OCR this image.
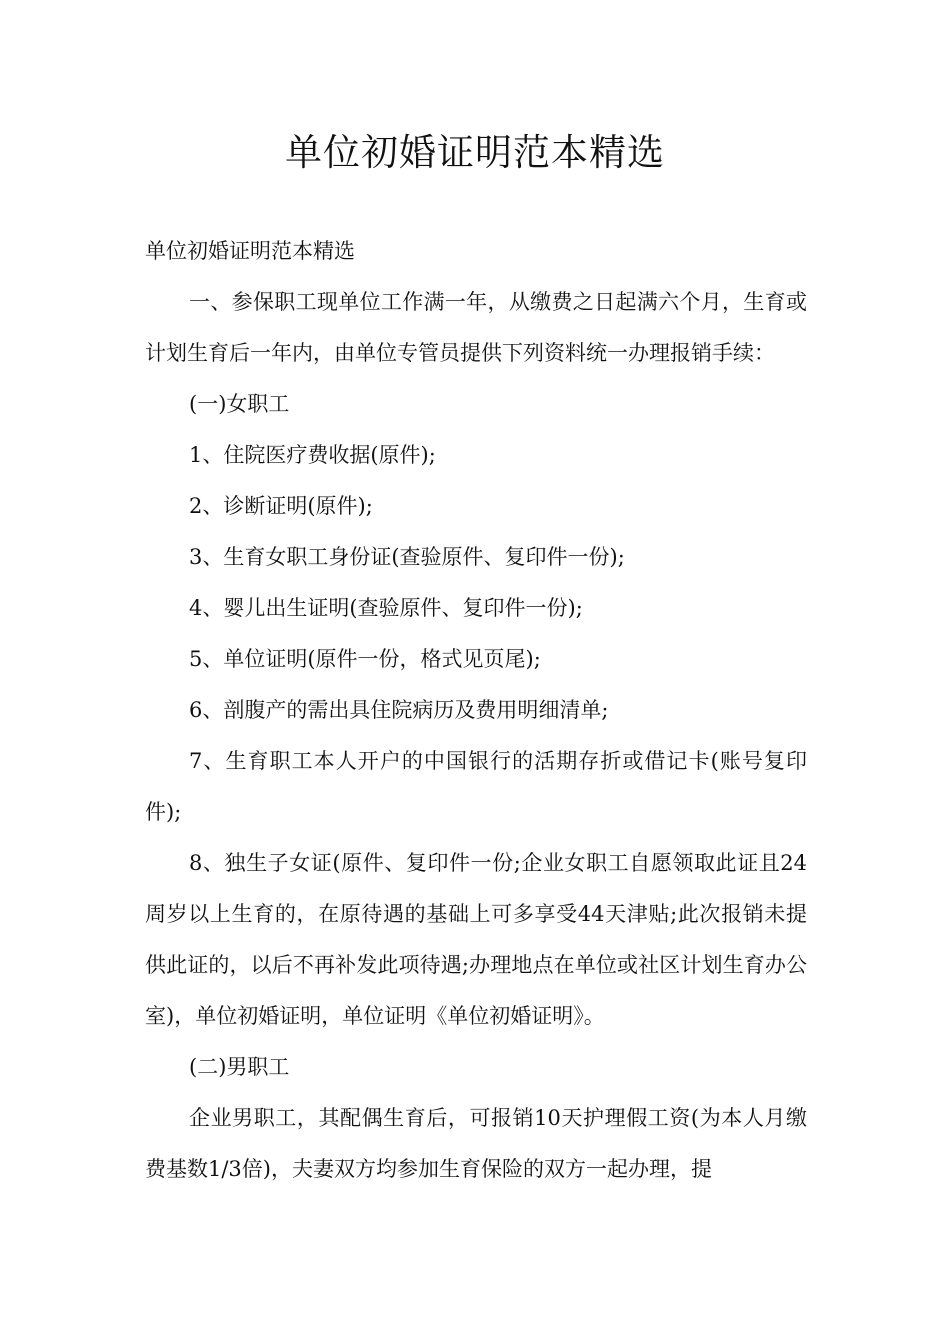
单位初婚证明范本精选

单位初婚证明范本精选

一、参保职工现单位工作满一年，从缴费之日起满六个月，生育或计划生育后一年内，由单位专管员提供下列资料统一办理报销手续：

(一)女职工

1、住院医疗费收据(原件);

2、诊断证明(原件);

3、生育女职工身份证(查验原件、复印件一份);

4、婴儿出生证明(查验原件、复印件一份);

5、单位证明(原件一份，格式见页尾);

6、剖腹产的需出具住院病历及费用明细清单;

7、生育职工本人开户的中国银行的活期存折或借记卡(账号复印件);

8、独生子女证(原件、复印件一份;企业女职工自愿领取此证且24周岁以上生育的，在原待遇的基础上可多享受44天津贴;此次报销未提供此证的，以后不再补发此项待遇;办理地点在单位或社区计划生育办公室)，单位初婚证明，单位证明《单位初婚证明》。

(二)男职工

企业男职工，其配偶生育后，可报销10天护理假工资(为本人月缴费基数1/3倍)，夫妻双方均参加生育保险的双方一起办理，提
